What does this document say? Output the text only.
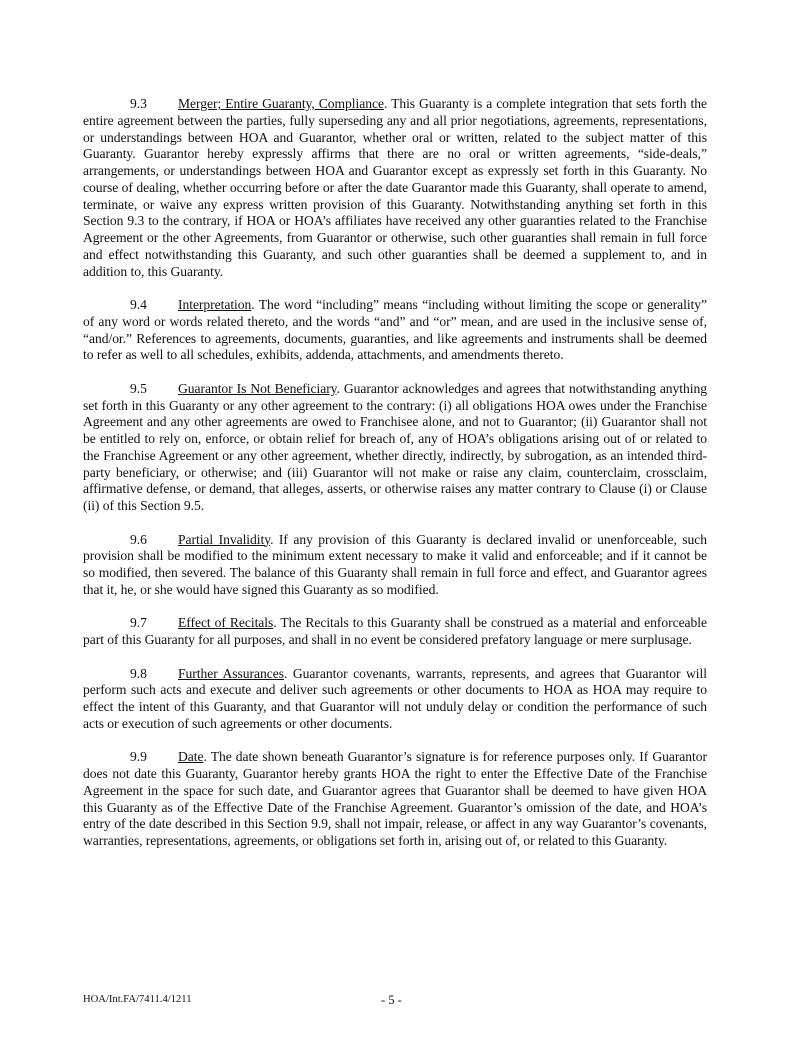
9.3 Merger; Entire Guaranty, Compliance. This Guaranty is a complete integration that sets forth the entire agreement between the parties, fully superseding any and all prior negotiations, agreements, representations, or understandings between HOA and Guarantor, whether oral or written, related to the subject matter of this Guaranty. Guarantor hereby expressly affirms that there are no oral or written agreements, “side-deals,” arrangements, or understandings between HOA and Guarantor except as expressly set forth in this Guaranty. No course of dealing, whether occurring before or after the date Guarantor made this Guaranty, shall operate to amend, terminate, or waive any express written provision of this Guaranty. Notwithstanding anything set forth in this Section 9.3 to the contrary, if HOA or HOA’s affiliates have received any other guaranties related to the Franchise Agreement or the other Agreements, from Guarantor or otherwise, such other guaranties shall remain in full force and effect notwithstanding this Guaranty, and such other guaranties shall be deemed a supplement to, and in addition to, this Guaranty.

9.4 Interpretation. The word “including” means “including without limiting the scope or generality” of any word or words related thereto, and the words “and” and “or” mean, and are used in the inclusive sense of, “and/or.” References to agreements, documents, guaranties, and like agreements and instruments shall be deemed to refer as well to all schedules, exhibits, addenda, attachments, and amendments thereto.

9.5 Guarantor Is Not Beneficiary. Guarantor acknowledges and agrees that notwithstanding anything set forth in this Guaranty or any other agreement to the contrary: (i) all obligations HOA owes under the Franchise Agreement and any other agreements are owed to Franchisee alone, and not to Guarantor; (ii) Guarantor shall not be entitled to rely on, enforce, or obtain relief for breach of, any of HOA’s obligations arising out of or related to the Franchise Agreement or any other agreement, whether directly, indirectly, by subrogation, as an intended third-party beneficiary, or otherwise; and (iii) Guarantor will not make or raise any claim, counterclaim, crossclaim, affirmative defense, or demand, that alleges, asserts, or otherwise raises any matter contrary to Clause (i) or Clause (ii) of this Section 9.5.

9.6 Partial Invalidity. If any provision of this Guaranty is declared invalid or unenforceable, such provision shall be modified to the minimum extent necessary to make it valid and enforceable; and if it cannot be so modified, then severed. The balance of this Guaranty shall remain in full force and effect, and Guarantor agrees that it, he, or she would have signed this Guaranty as so modified.

9.7 Effect of Recitals. The Recitals to this Guaranty shall be construed as a material and enforceable part of this Guaranty for all purposes, and shall in no event be considered prefatory language or mere surplusage.

9.8 Further Assurances. Guarantor covenants, warrants, represents, and agrees that Guarantor will perform such acts and execute and deliver such agreements or other documents to HOA as HOA may require to effect the intent of this Guaranty, and that Guarantor will not unduly delay or condition the performance of such acts or execution of such agreements or other documents.

9.9 Date. The date shown beneath Guarantor’s signature is for reference purposes only. If Guarantor does not date this Guaranty, Guarantor hereby grants HOA the right to enter the Effective Date of the Franchise Agreement in the space for such date, and Guarantor agrees that Guarantor shall be deemed to have given HOA this Guaranty as of the Effective Date of the Franchise Agreement. Guarantor’s omission of the date, and HOA’s entry of the date described in this Section 9.9, shall not impair, release, or affect in any way Guarantor’s covenants, warranties, representations, agreements, or obligations set forth in, arising out of, or related to this Guaranty.

HOA/Int.FA/7411.4/1211	- 5 -
